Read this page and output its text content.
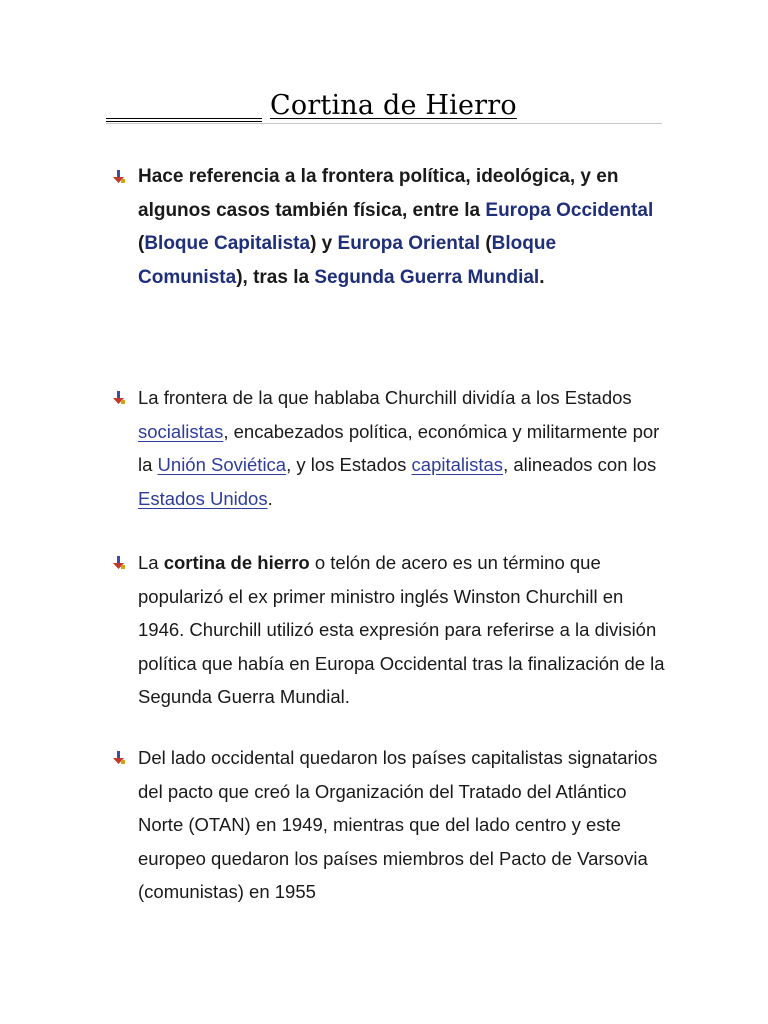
Cortina de Hierro
Hace referencia a la frontera política, ideológica, y en algunos casos también física, entre la Europa Occidental (Bloque Capitalista) y Europa Oriental (Bloque Comunista), tras la Segunda Guerra Mundial.
La frontera de la que hablaba Churchill dividía a los Estados socialistas, encabezados política, económica y militarmente por la Unión Soviética, y los Estados capitalistas, alineados con los Estados Unidos.
La cortina de hierro o telón de acero es un término que popularizó el ex primer ministro inglés Winston Churchill en 1946. Churchill utilizó esta expresión para referirse a la división política que había en Europa Occidental tras la finalización de la Segunda Guerra Mundial.
Del lado occidental quedaron los países capitalistas signatarios del pacto que creó la Organización del Tratado del Atlántico Norte (OTAN) en 1949, mientras que del lado centro y este europeo quedaron los países miembros del Pacto de Varsovia (comunistas) en 1955
